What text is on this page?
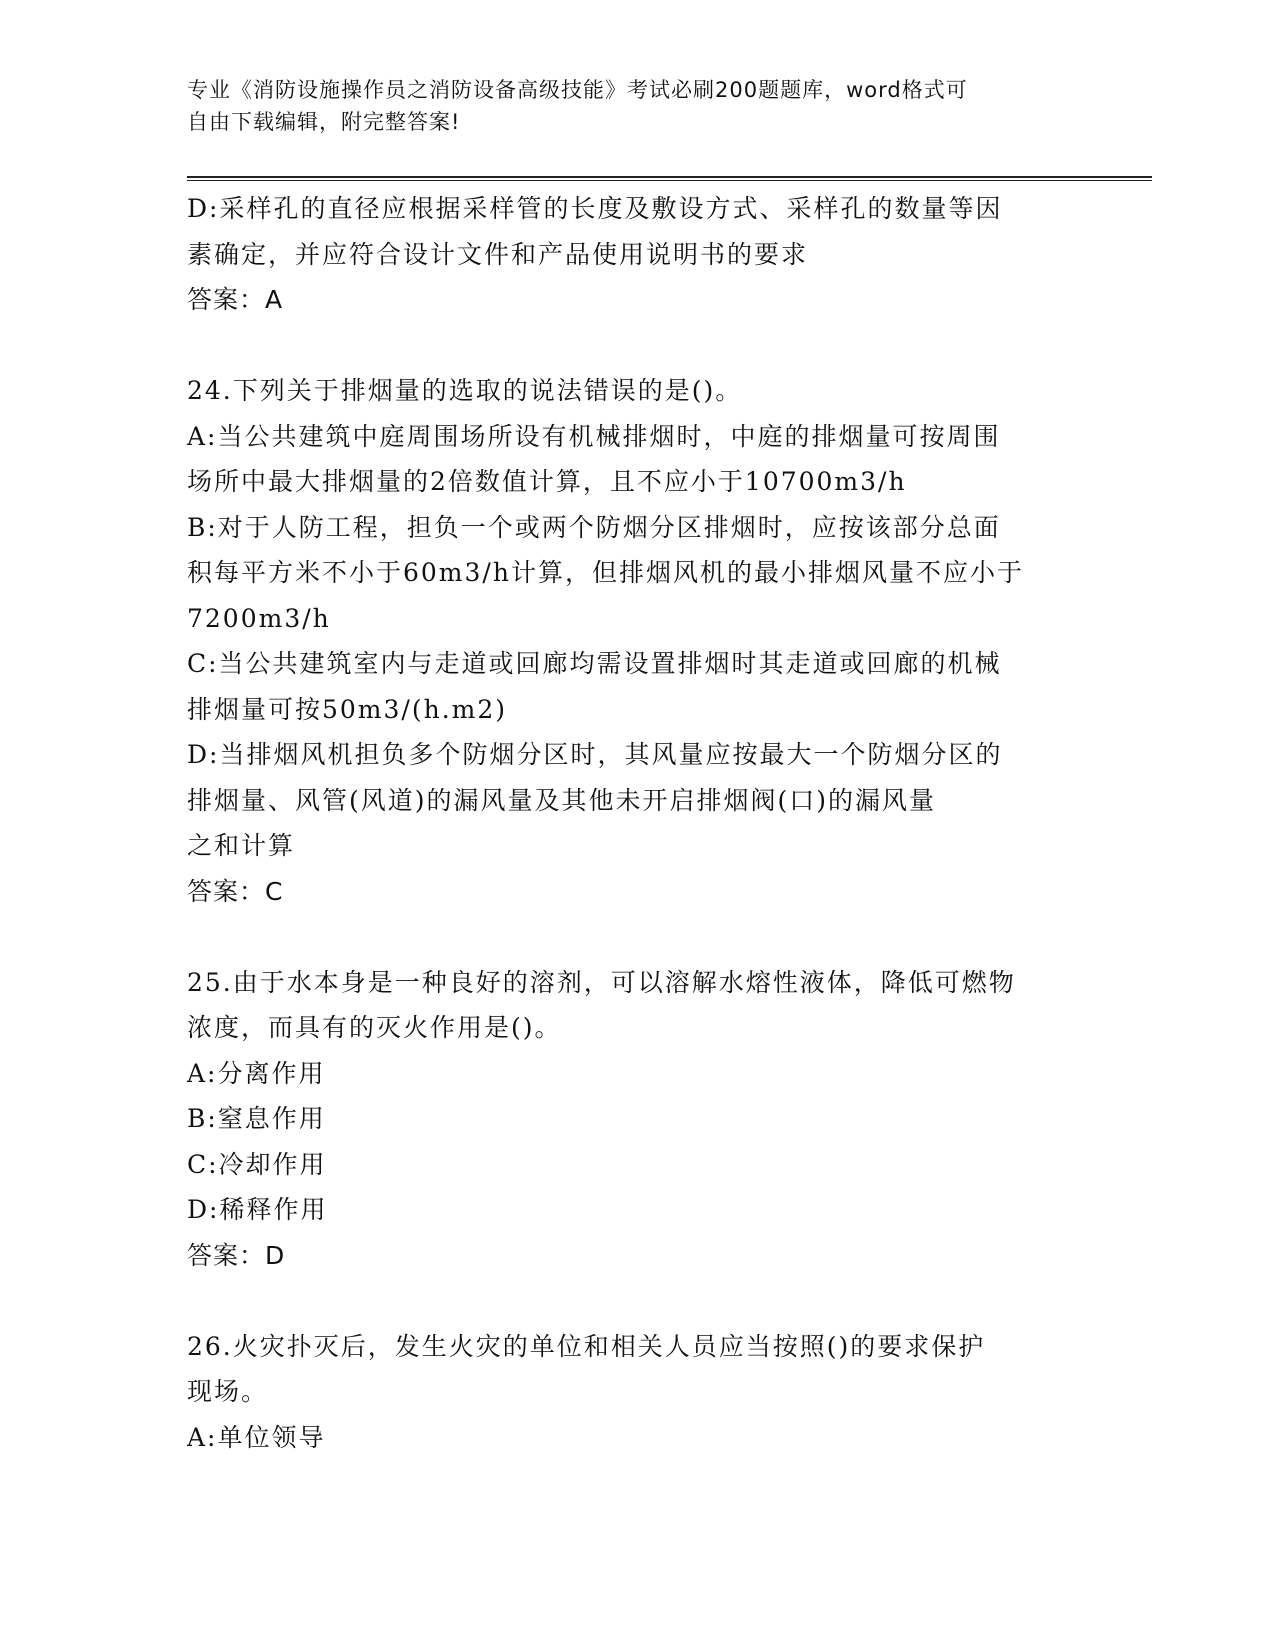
专业《消防设施操作员之消防设备高级技能》考试必刷200题题库，word格式可
自由下载编辑，附完整答案!
D:采样孔的直径应根据采样管的长度及敷设方式、采样孔的数量等因
素确定，并应符合设计文件和产品使用说明书的要求
答案：A
24.下列关于排烟量的选取的说法错误的是()。
A:当公共建筑中庭周围场所设有机械排烟时，中庭的排烟量可按周围
场所中最大排烟量的2倍数值计算，且不应小于10700m3/h
B:对于人防工程，担负一个或两个防烟分区排烟时，应按该部分总面
积每平方米不小于60m3/h计算，但排烟风机的最小排烟风量不应小于
7200m3/h
C:当公共建筑室内与走道或回廊均需设置排烟时其走道或回廊的机械
排烟量可按50m3/(h.m2)
D:当排烟风机担负多个防烟分区时，其风量应按最大一个防烟分区的
排烟量、风管(风道)的漏风量及其他未开启排烟阀(口)的漏风量
之和计算
答案：C
25.由于水本身是一种良好的溶剂，可以溶解水熔性液体，降低可燃物
浓度，而具有的灭火作用是()。
A:分离作用
B:窒息作用
C:冷却作用
D:稀释作用
答案：D
26.火灾扑灭后，发生火灾的单位和相关人员应当按照()的要求保护
现场。
A:单位领导
